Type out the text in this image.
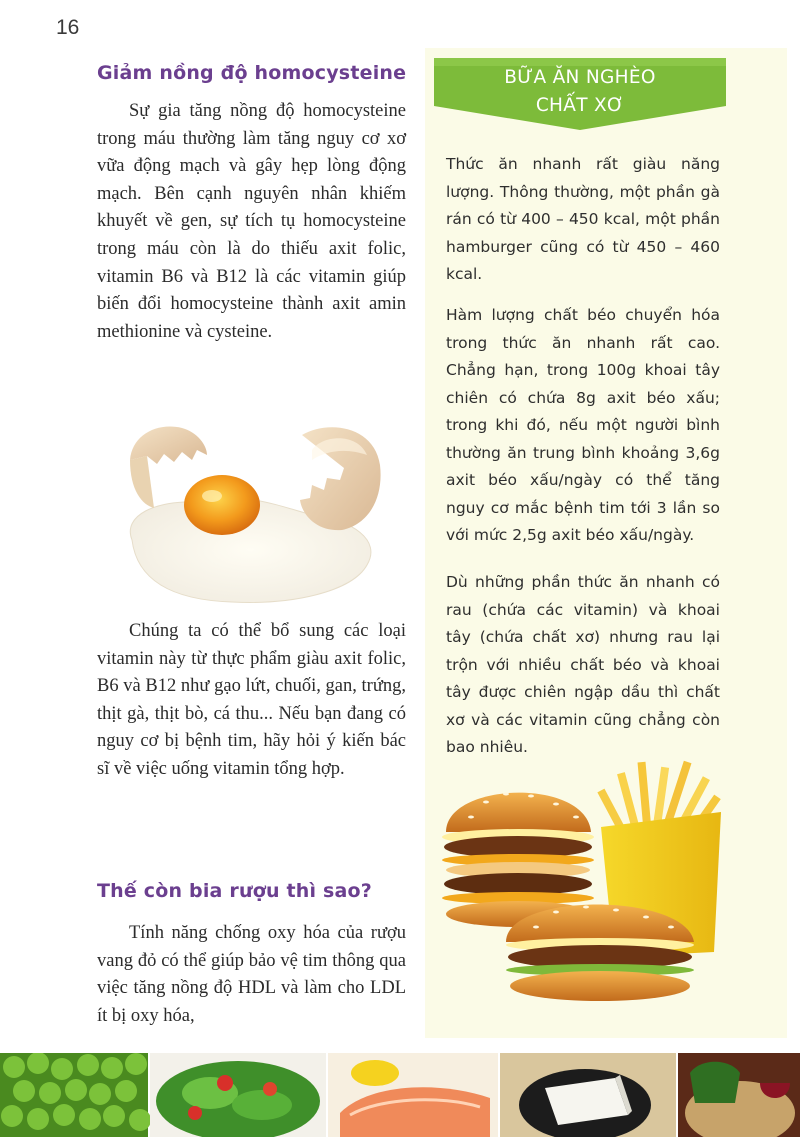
16
Giảm nồng độ homocysteine

Sự gia tăng nồng độ homocysteine trong máu thường làm tăng nguy cơ xơ vữa động mạch và gây hẹp lòng động mạch. Bên cạnh nguyên nhân khiếm khuyết về gen, sự tích tụ homocysteine trong máu còn là do thiếu axit folic, vitamin B6 và B12 là các vitamin giúp biến đổi homocysteine thành axit amin methionine và cysteine.

Chúng ta có thể bổ sung các loại vitamin này từ thực phẩm giàu axit folic, B6 và B12 như gạo lứt, chuối, gan, trứng, thịt gà, thịt bò, cá thu... Nếu bạn đang có nguy cơ bị bệnh tim, hãy hỏi ý kiến bác sĩ về việc uống vitamin tổng hợp.

Thế còn bia rượu thì sao?

Tính năng chống oxy hóa của rượu vang đỏ có thể giúp bảo vệ tim thông qua việc tăng nồng độ HDL và làm cho LDL ít bị oxy hóa,

BỮA ĂN NGHÈO
CHẤT XƠ

Thức ăn nhanh rất giàu năng lượng. Thông thường, một phần gà rán có từ 400 – 450 kcal, một phần hamburger cũng có từ 450 – 460 kcal.

Hàm lượng chất béo chuyển hóa trong thức ăn nhanh rất cao. Chẳng hạn, trong 100g khoai tây chiên có chứa 8g axit béo xấu; trong khi đó, nếu một người bình thường ăn trung bình khoảng 3,6g axit béo xấu/ngày có thể tăng nguy cơ mắc bệnh tim tới 3 lần so với mức 2,5g axit béo xấu/ngày.

Dù những phần thức ăn nhanh có rau (chứa các vitamin) và khoai tây (chứa chất xơ) nhưng rau lại trộn với nhiều chất béo và khoai tây được chiên ngập dầu thì chất xơ và các vitamin cũng chẳng còn bao nhiêu.
